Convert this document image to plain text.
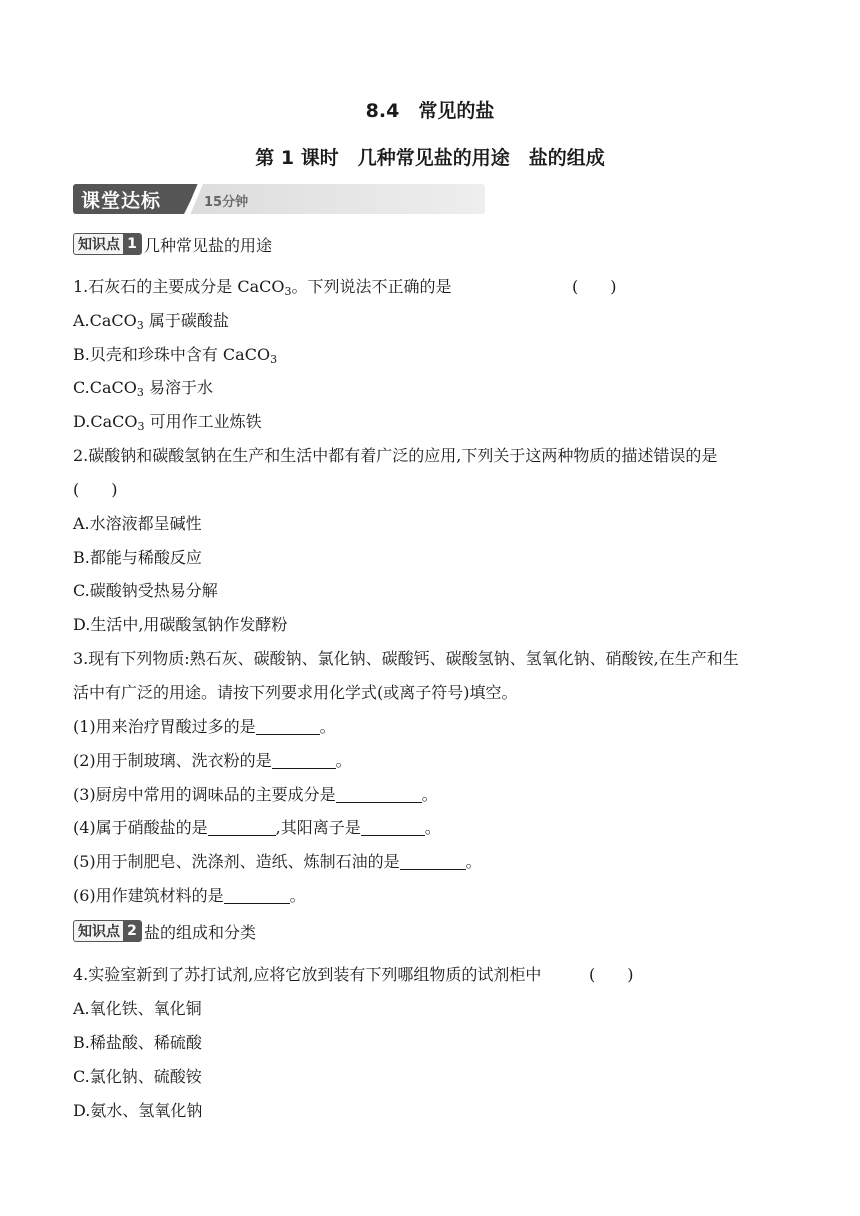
8.4　常见的盐
第 1 课时　几种常见盐的用途　盐的组成
课堂达标	15分钟
知识点 1 几种常见盐的用途
1.石灰石的主要成分是 CaCO$_3$。下列说法不正确的是	(　　)
A.CaCO$_3$ 属于碳酸盐
B.贝壳和珍珠中含有 CaCO$_3$
C.CaCO$_3$ 易溶于水
D.CaCO$_3$ 可用作工业炼铁
2.碳酸钠和碳酸氢钠在生产和生活中都有着广泛的应用,下列关于这两种物质的描述错误的是
(　　)
A.水溶液都呈碱性
B.都能与稀酸反应
C.碳酸钠受热易分解
D.生活中,用碳酸氢钠作发酵粉
3.现有下列物质:熟石灰、碳酸钠、氯化钠、碳酸钙、碳酸氢钠、氢氧化钠、硝酸铵,在生产和生
活中有广泛的用途。请按下列要求用化学式(或离子符号)填空。
(1)用来治疗胃酸过多的是	。
(2)用于制玻璃、洗衣粉的是	。
(3)厨房中常用的调味品的主要成分是	。
(4)属于硝酸盐的是	,其阳离子是	。
(5)用于制肥皂、洗涤剂、造纸、炼制石油的是	。
(6)用作建筑材料的是	。
知识点 2 盐的组成和分类
4.实验室新到了苏打试剂,应将它放到装有下列哪组物质的试剂柜中	(　　)
A.氧化铁、氧化铜
B.稀盐酸、稀硫酸
C.氯化钠、硫酸铵
D.氨水、氢氧化钠
